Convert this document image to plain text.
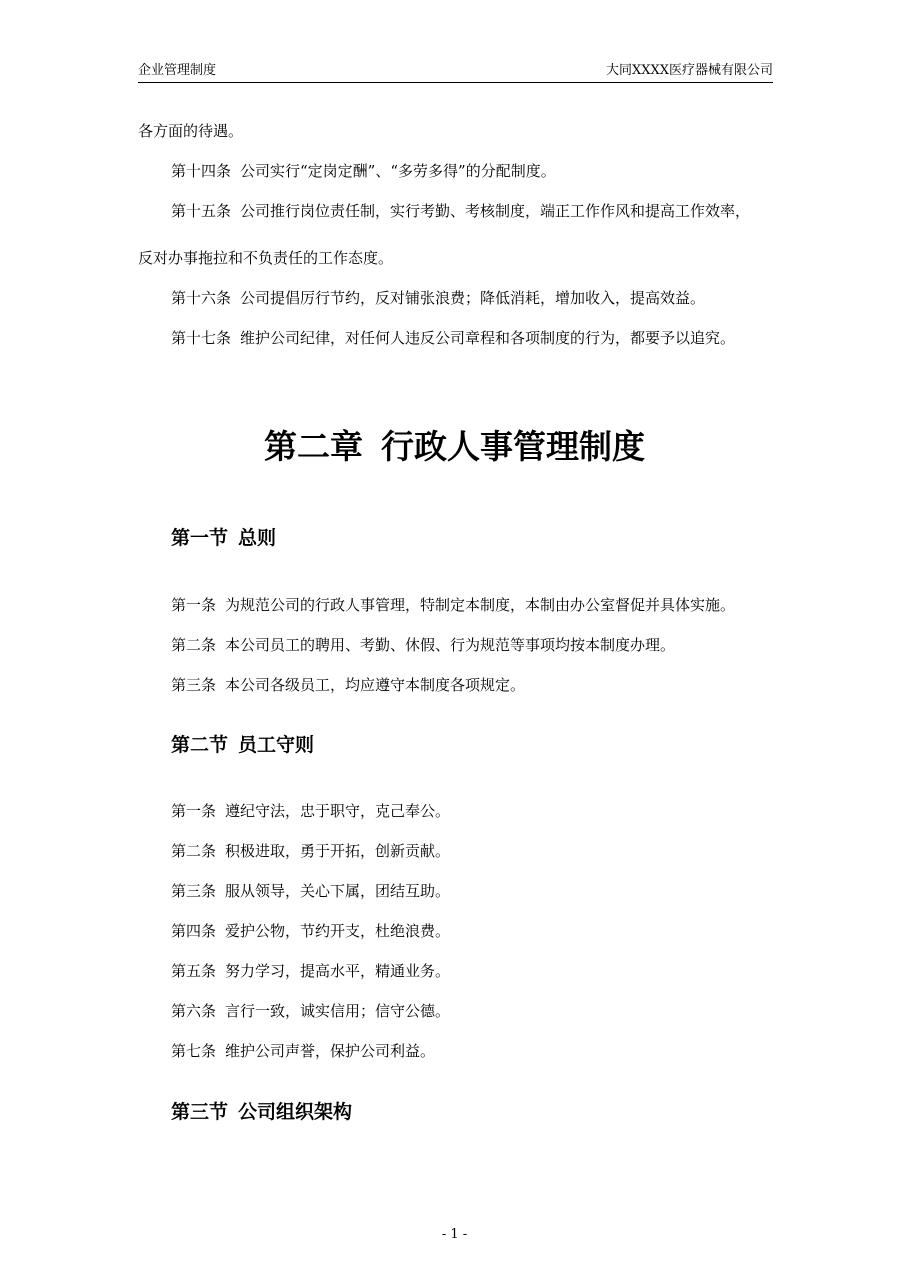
企业管理制度	大同XXXX医疗器械有限公司
各方面的待遇。
第十四条 公司实行“定岗定酬”、“多劳多得”的分配制度。
第十五条 公司推行岗位责任制，实行考勤、考核制度，端正工作作风和提高工作效率，
反对办事拖拉和不负责任的工作态度。
第十六条 公司提倡厉行节约，反对铺张浪费；降低消耗，增加收入，提高效益。
第十七条 维护公司纪律，对任何人违反公司章程和各项制度的行为，都要予以追究。
第二章 行政人事管理制度
第一节 总则
第一条 为规范公司的行政人事管理，特制定本制度，本制由办公室督促并具体实施。
第二条 本公司员工的聘用、考勤、休假、行为规范等事项均按本制度办理。
第三条 本公司各级员工，均应遵守本制度各项规定。
第二节 员工守则
第一条 遵纪守法，忠于职守，克己奉公。
第二条 积极进取，勇于开拓，创新贡献。
第三条 服从领导，关心下属，团结互助。
第四条 爱护公物，节约开支，杜绝浪费。
第五条 努力学习，提高水平，精通业务。
第六条 言行一致，诚实信用；信守公德。
第七条 维护公司声誉，保护公司利益。
第三节 公司组织架构
- 1 -
